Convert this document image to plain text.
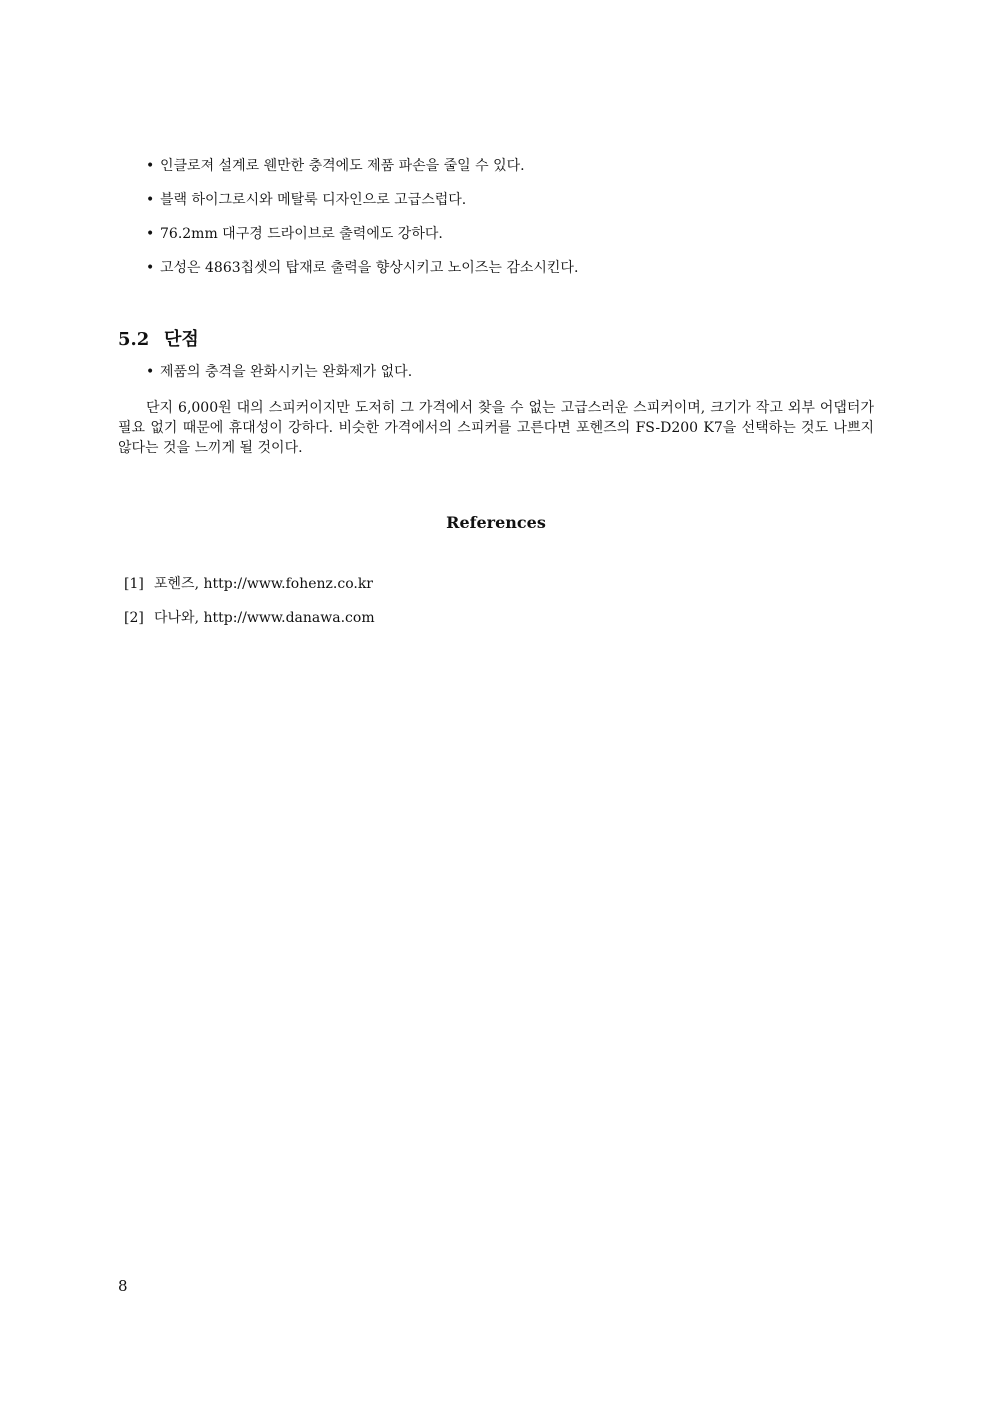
• 인클로져 설계로 웬만한 충격에도 제품 파손을 줄일 수 있다.
• 블랙 하이그로시와 메탈룩 디자인으로 고급스럽다.
• 76.2mm 대구경 드라이브로 출력에도 강하다.
• 고성은 4863칩셋의 탑재로 출력을 향상시키고 노이즈는 감소시킨다.
5.2 단점
• 제품의 충격을 완화시키는 완화제가 없다.

단지 6,000원 대의 스피커이지만 도저히 그 가격에서 찾을 수 없는 고급스러운 스피커이며, 크기가 작고 외부 어댑터가 필요 없기 때문에 휴대성이 강하다. 비슷한 가격에서의 스피커를 고른다면 포헨즈의 FS-D200 K7을 선택하는 것도 나쁘지 않다는 것을 느끼게 될 것이다.

References
[1] 포헨즈, http://www.fohenz.co.kr
[2] 다나와, http://www.danawa.com
8
